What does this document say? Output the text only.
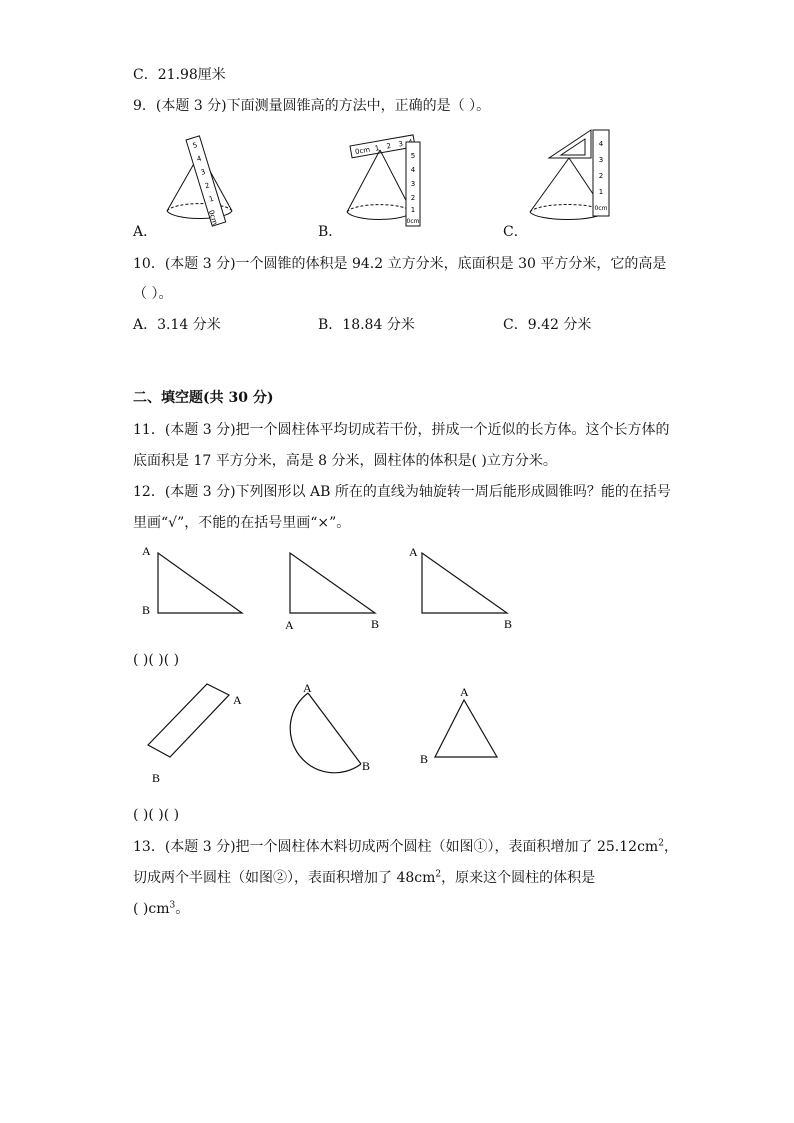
C．21.98厘米
9．(本题 3 分)下面测量圆锥高的方法中，正确的是（ ）。
0cm
1
2
3
4
5
A．
0cm 1 2 3
5
4
3
2
1
0cm
B．
4
3
2
1
0cm
C．
10．(本题 3 分)一个圆锥的体积是 94.2 立方分米，底面积是 30 平方分米，它的高是
（ ）。
A．3.14 分米	B．18.84 分米	C．9.42 分米
二、填空题(共 30 分)
11．(本题 3 分)把一个圆柱体平均切成若干份，拼成一个近似的长方体。这个长方体的
底面积是 17 平方分米，高是 8 分米，圆柱体的体积是( )立方分米。
12．(本题 3 分)下列图形以 AB 所在的直线为轴旋转一周后能形成圆锥吗？能的在括号
里画“√”，不能的在括号里画“×”。
A
B
A	B
A
B
( )( )( )
A
B
A
B
A
B
( )( )( )
13．(本题 3 分)把一个圆柱体木料切成两个圆柱（如图①），表面积增加了 $25.12cm^2$，
切成两个半圆柱（如图②），表面积增加了 $48cm^2$，原来这个圆柱的体积是
( )$cm^3$。
